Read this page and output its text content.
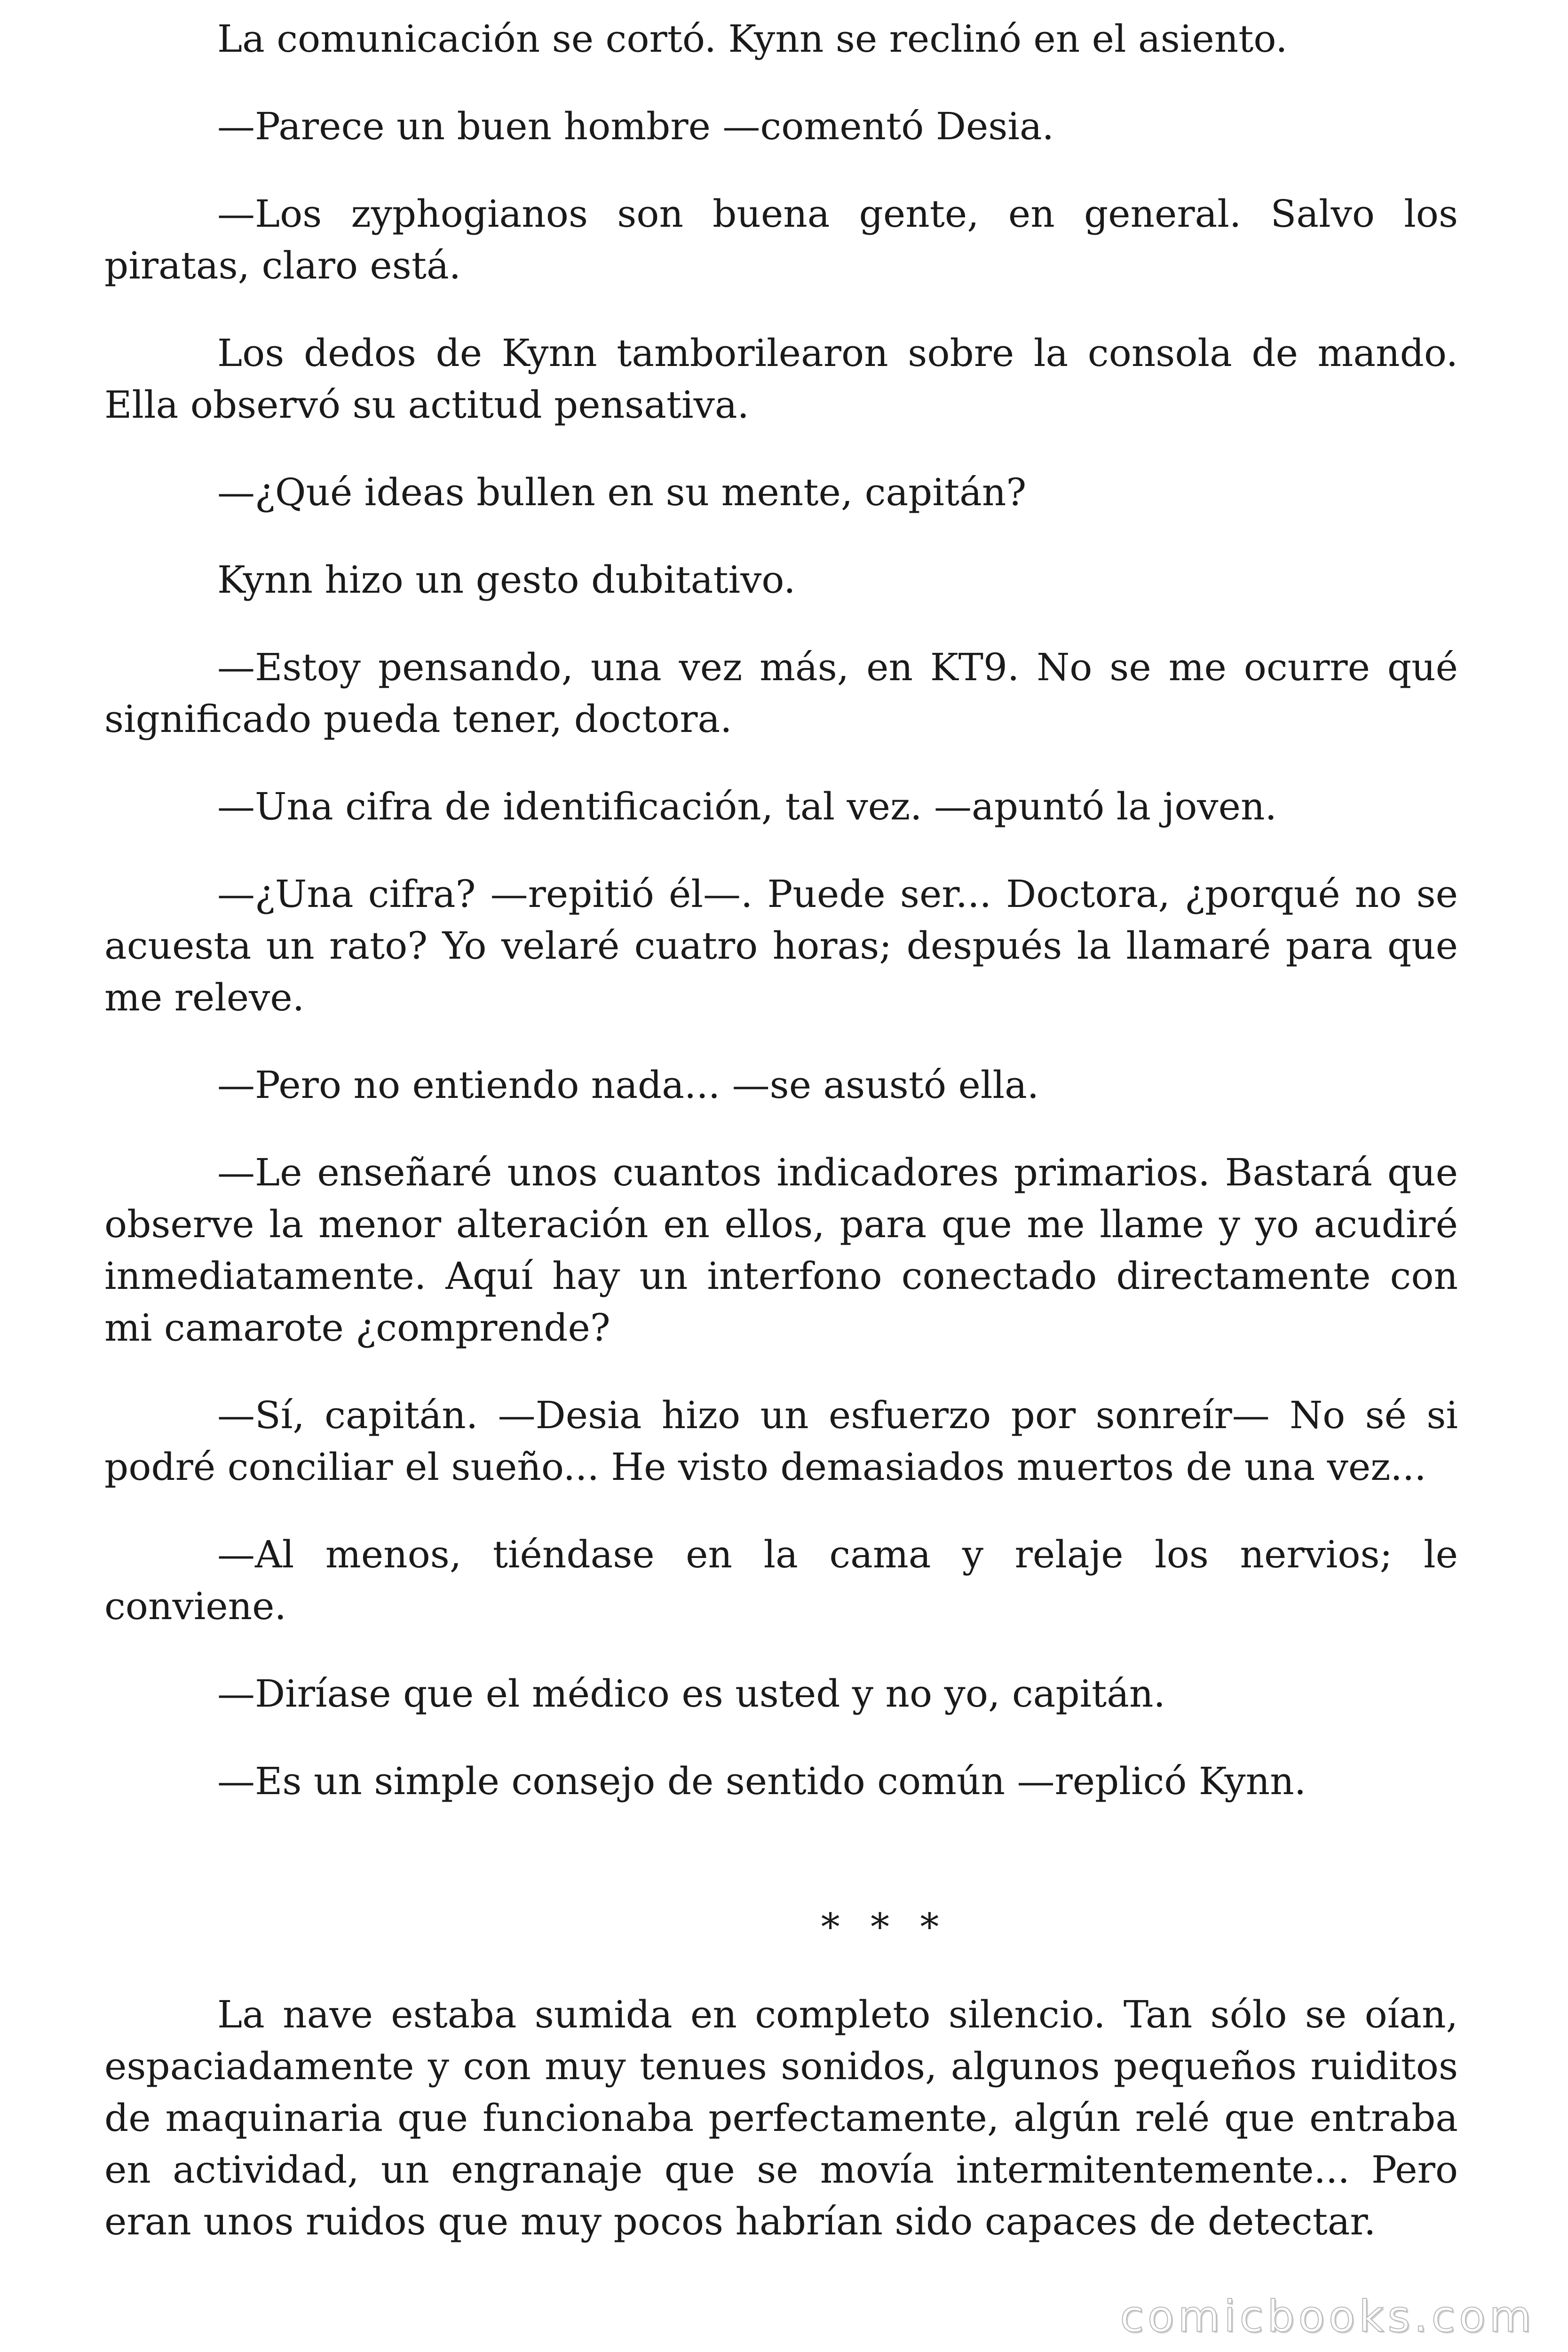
La comunicación se cortó. Kynn se reclinó en el asiento.

—Parece un buen hombre —comentó Desia.

—Los zyphogianos son buena gente, en general. Salvo los piratas, claro está.

Los dedos de Kynn tamborilearon sobre la consola de mando. Ella observó su actitud pensativa.

—¿Qué ideas bullen en su mente, capitán?

Kynn hizo un gesto dubitativo.

—Estoy pensando, una vez más, en KT9. No se me ocurre qué significado pueda tener, doctora.

—Una cifra de identificación, tal vez. —apuntó la joven.

—¿Una cifra? —repitió él—. Puede ser... Doctora, ¿porqué no se acuesta un rato? Yo velaré cuatro horas; después la llamaré para que me releve.

—Pero no entiendo nada... —se asustó ella.

—Le enseñaré unos cuantos indicadores primarios. Bastará que observe la menor alteración en ellos, para que me llame y yo acudiré inmediatamente. Aquí hay un interfono conectado directamente con mi camarote ¿comprende?

—Sí, capitán. —Desia hizo un esfuerzo por sonreír— No sé si podré conciliar el sueño... He visto demasiados muertos de una vez...

—Al menos, tiéndase en la cama y relaje los nervios; le conviene.

—Diríase que el médico es usted y no yo, capitán.

—Es un simple consejo de sentido común —replicó Kynn.

* * *

La nave estaba sumida en completo silencio. Tan sólo se oían, espaciadamente y con muy tenues sonidos, algunos pequeños ruiditos de maquinaria que funcionaba perfectamente, algún relé que entraba en actividad, un engranaje que se movía intermitentemente... Pero eran unos ruidos que muy pocos habrían sido capaces de detectar.

comicbooks.com
